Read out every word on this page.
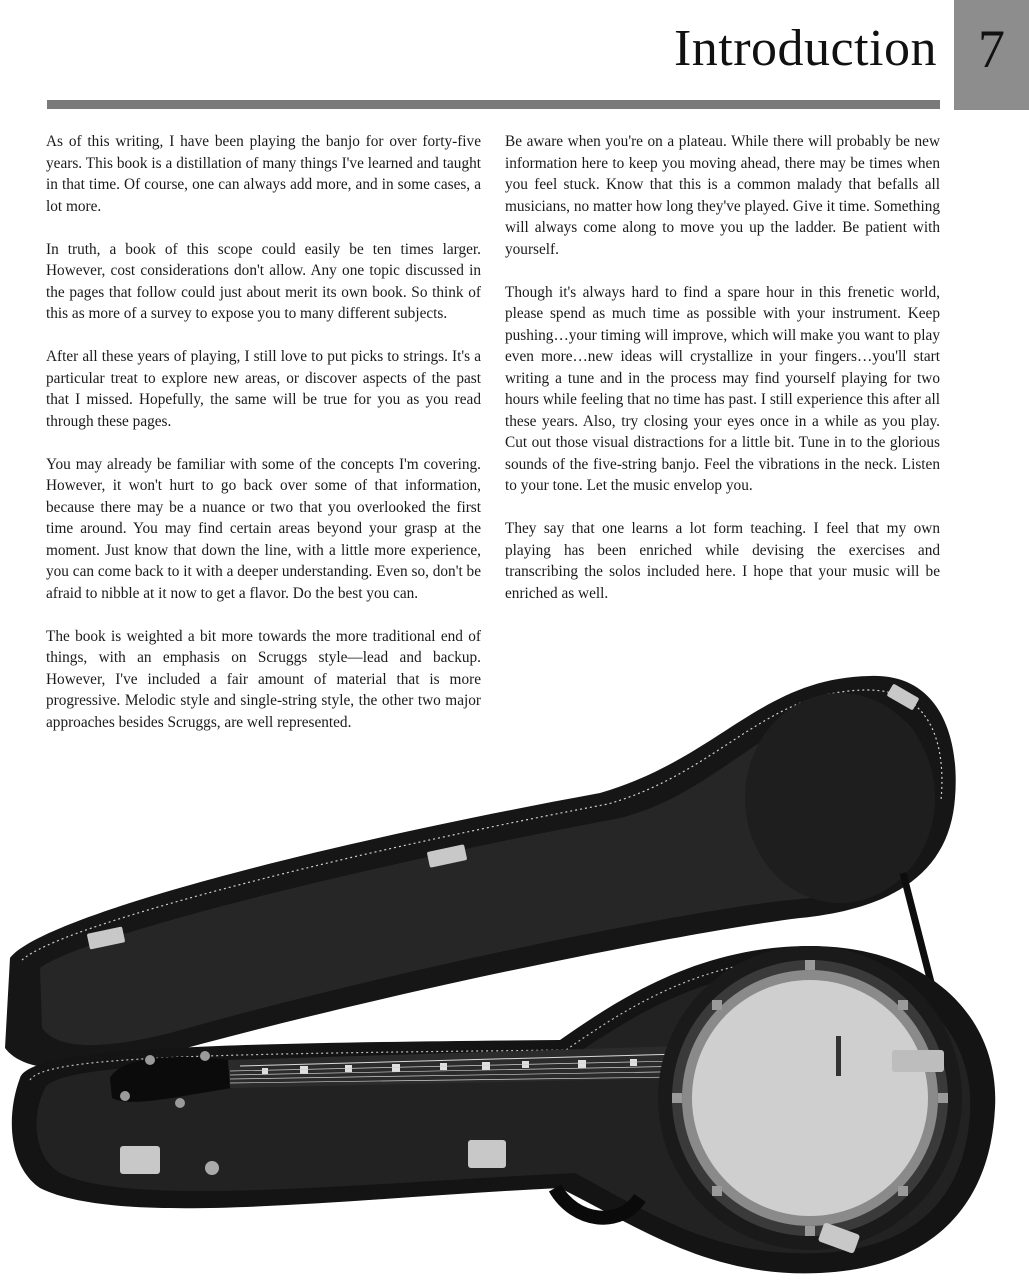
Introduction 7

As of this writing, I have been playing the banjo for over forty-five years. This book is a distillation of many things I've learned and taught in that time. Of course, one can always add more, and in some cases, a lot more.

In truth, a book of this scope could easily be ten times larger. However, cost considerations don't allow. Any one topic discussed in the pages that follow could just about merit its own book. So think of this as more of a survey to expose you to many different subjects.

After all these years of playing, I still love to put picks to strings. It's a particular treat to explore new areas, or discover aspects of the past that I missed. Hopefully, the same will be true for you as you read through these pages.

You may already be familiar with some of the concepts I'm covering. However, it won't hurt to go back over some of that information, because there may be a nuance or two that you overlooked the first time around. You may find certain areas beyond your grasp at the moment. Just know that down the line, with a little more experience, you can come back to it with a deeper understanding. Even so, don't be afraid to nibble at it now to get a flavor. Do the best you can.

The book is weighted a bit more towards the more traditional end of things, with an emphasis on Scruggs style—lead and backup. However, I've included a fair amount of material that is more progressive. Melodic style and single-string style, the other two major approaches besides Scruggs, are well represented.

Be aware when you're on a plateau. While there will probably be new information here to keep you moving ahead, there may be times when you feel stuck. Know that this is a common malady that befalls all musicians, no matter how long they've played. Give it time. Something will always come along to move you up the ladder. Be patient with yourself.

Though it's always hard to find a spare hour in this frenetic world, please spend as much time as possible with your instrument. Keep pushing…your timing will improve, which will make you want to play even more…new ideas will crystallize in your fingers…you'll start writing a tune and in the process may find yourself playing for two hours while feeling that no time has past. I still experience this after all these years. Also, try closing your eyes once in a while as you play. Cut out those visual distractions for a little bit. Tune in to the glorious sounds of the five-string banjo. Feel the vibrations in the neck. Listen to your tone. Let the music envelop you.

They say that one learns a lot form teaching. I feel that my own playing has been enriched while devising the exercises and transcribing the solos included here. I hope that your music will be enriched as well.
